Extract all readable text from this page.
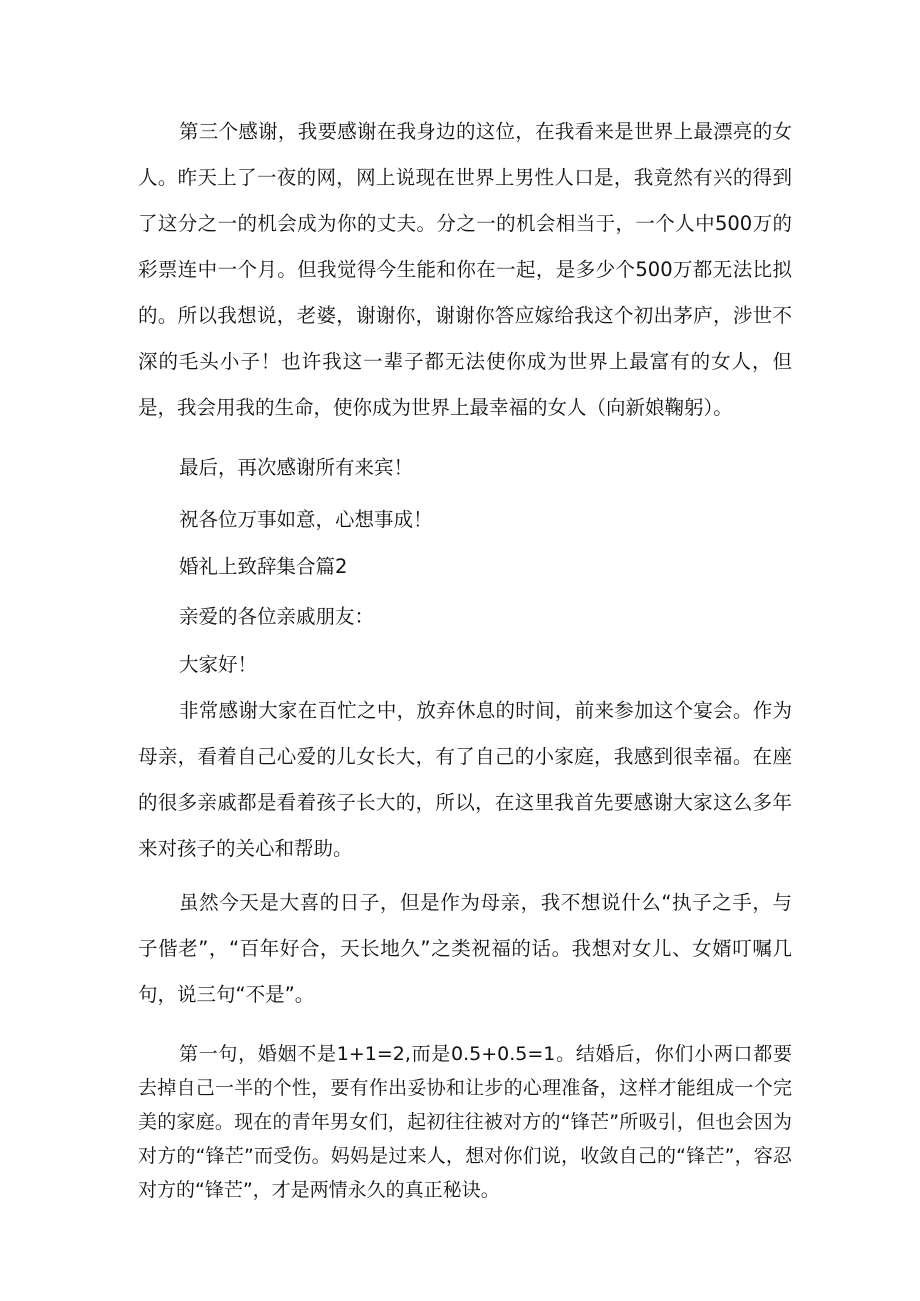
第三个感谢，我要感谢在我身边的这位，在我看来是世界上最漂亮的女人。昨天上了一夜的网，网上说现在世界上男性人口是，我竟然有兴的得到了这分之一的机会成为你的丈夫。分之一的机会相当于，一个人中500万的彩票连中一个月。但我觉得今生能和你在一起，是多少个500万都无法比拟的。所以我想说，老婆，谢谢你，谢谢你答应嫁给我这个初出茅庐，涉世不深的毛头小子！也许我这一辈子都无法使你成为世界上最富有的女人，但是，我会用我的生命，使你成为世界上最幸福的女人（向新娘鞠躬）。

最后，再次感谢所有来宾！

祝各位万事如意，心想事成！

婚礼上致辞集合篇2

亲爱的各位亲戚朋友：

大家好！

非常感谢大家在百忙之中，放弃休息的时间，前来参加这个宴会。作为母亲，看着自己心爱的儿女长大，有了自己的小家庭，我感到很幸福。在座的很多亲戚都是看着孩子长大的，所以，在这里我首先要感谢大家这么多年来对孩子的关心和帮助。

虽然今天是大喜的日子，但是作为母亲，我不想说什么“执子之手，与子偕老”，“百年好合，天长地久”之类祝福的话。我想对女儿、女婿叮嘱几句，说三句“不是”。

第一句，婚姻不是1+1=2,而是0.5+0.5=1。结婚后，你们小两口都要去掉自己一半的个性，要有作出妥协和让步的心理准备，这样才能组成一个完美的家庭。现在的青年男女们，起初往往被对方的“锋芒”所吸引，但也会因为对方的“锋芒”而受伤。妈妈是过来人，想对你们说，收敛自己的“锋芒”，容忍对方的“锋芒”，才是两情永久的真正秘诀。
